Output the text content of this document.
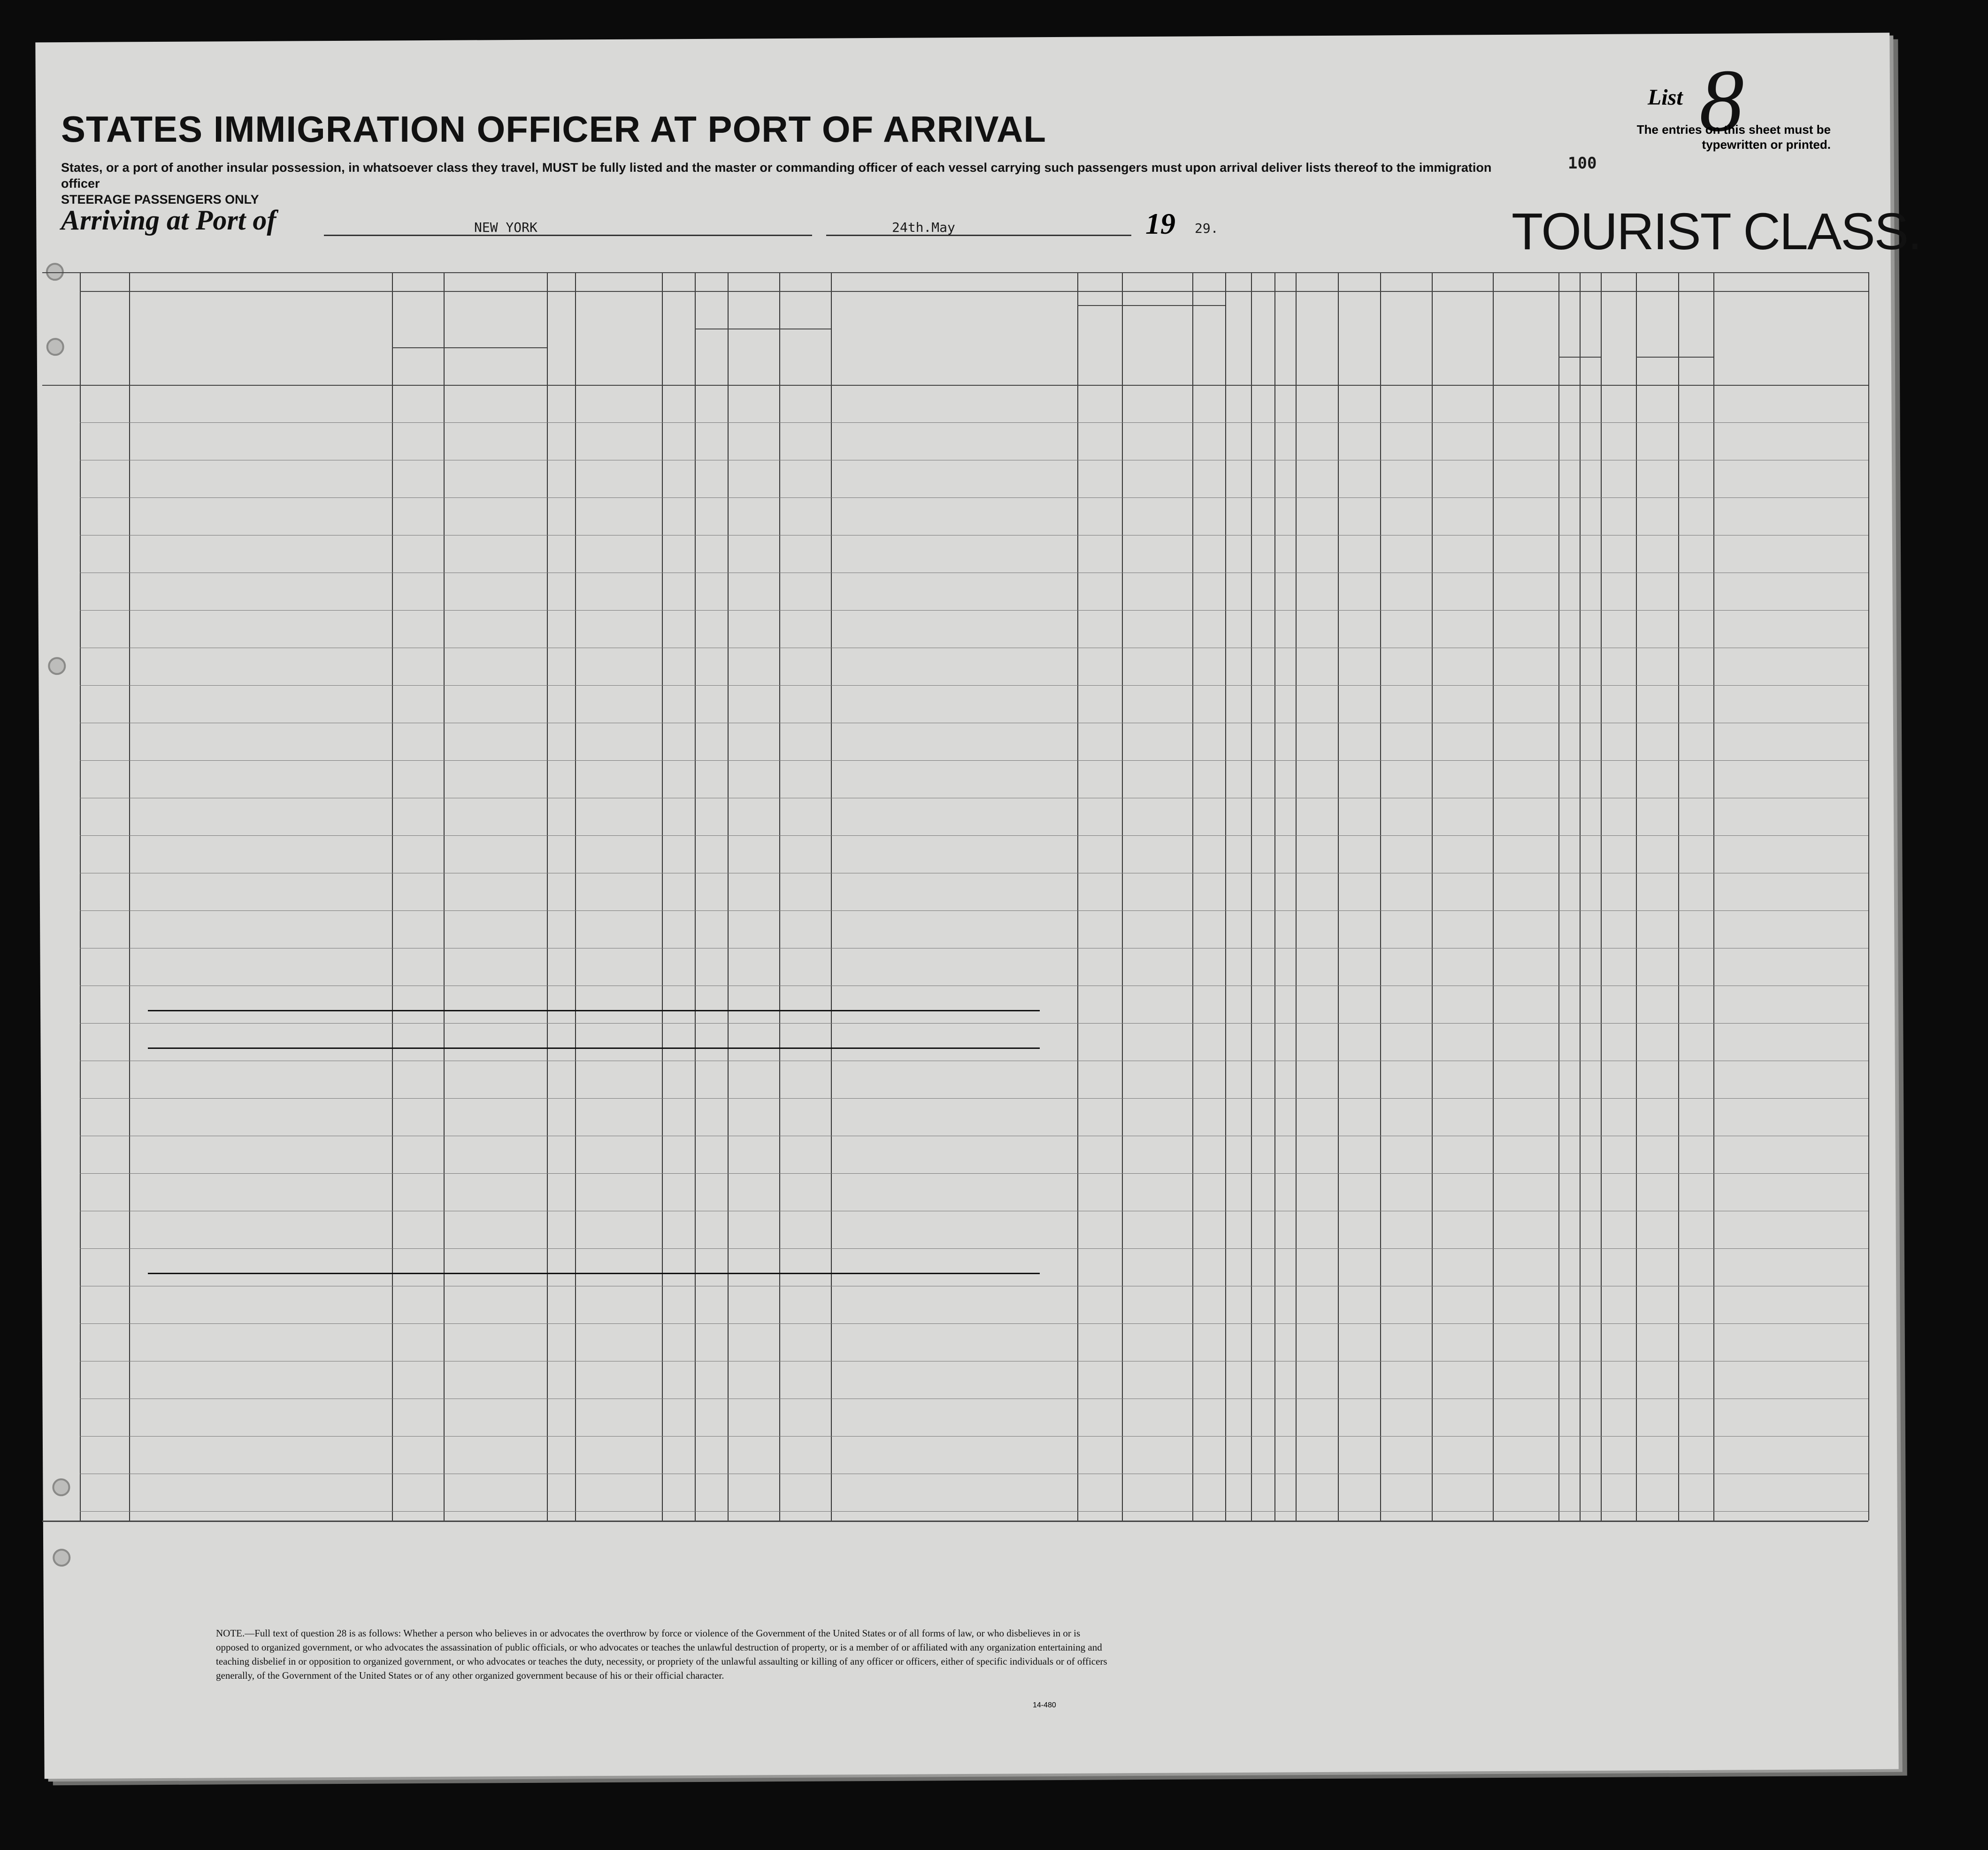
STATES IMMIGRATION OFFICER AT PORT OF ARRIVAL
States, or a port of another insular possession, in whatsoever class they travel, MUST be fully listed and the master or commanding officer of each vessel carrying such passengers must upon arrival deliver lists thereof to the immigration officer
STEERAGE PASSENGERS ONLY
Arriving at Port of	NEW YORK	24th.May	19 29.
List 8
The entries on this sheet must be typewritten or printed.
100
TOURIST CLASS.
NOTE.—Full text of question 28 is as follows: Whether a person who believes in or advocates the overthrow by force or violence of the Government of the United States or of all forms of law, or who disbelieves in or is opposed to organized government, or who advocates the assassination of public officials, or who advocates or teaches the unlawful destruction of property, or is a member of or affiliated with any organization entertaining and teaching disbelief in or opposition to organized government, or who advocates or teaches the duty, necessity, or propriety of the unlawful assaulting or killing of any officer or officers, either of specific individuals or of officers generally, of the Government of the United States or of any other organized government because of his or their official character.
14-480
